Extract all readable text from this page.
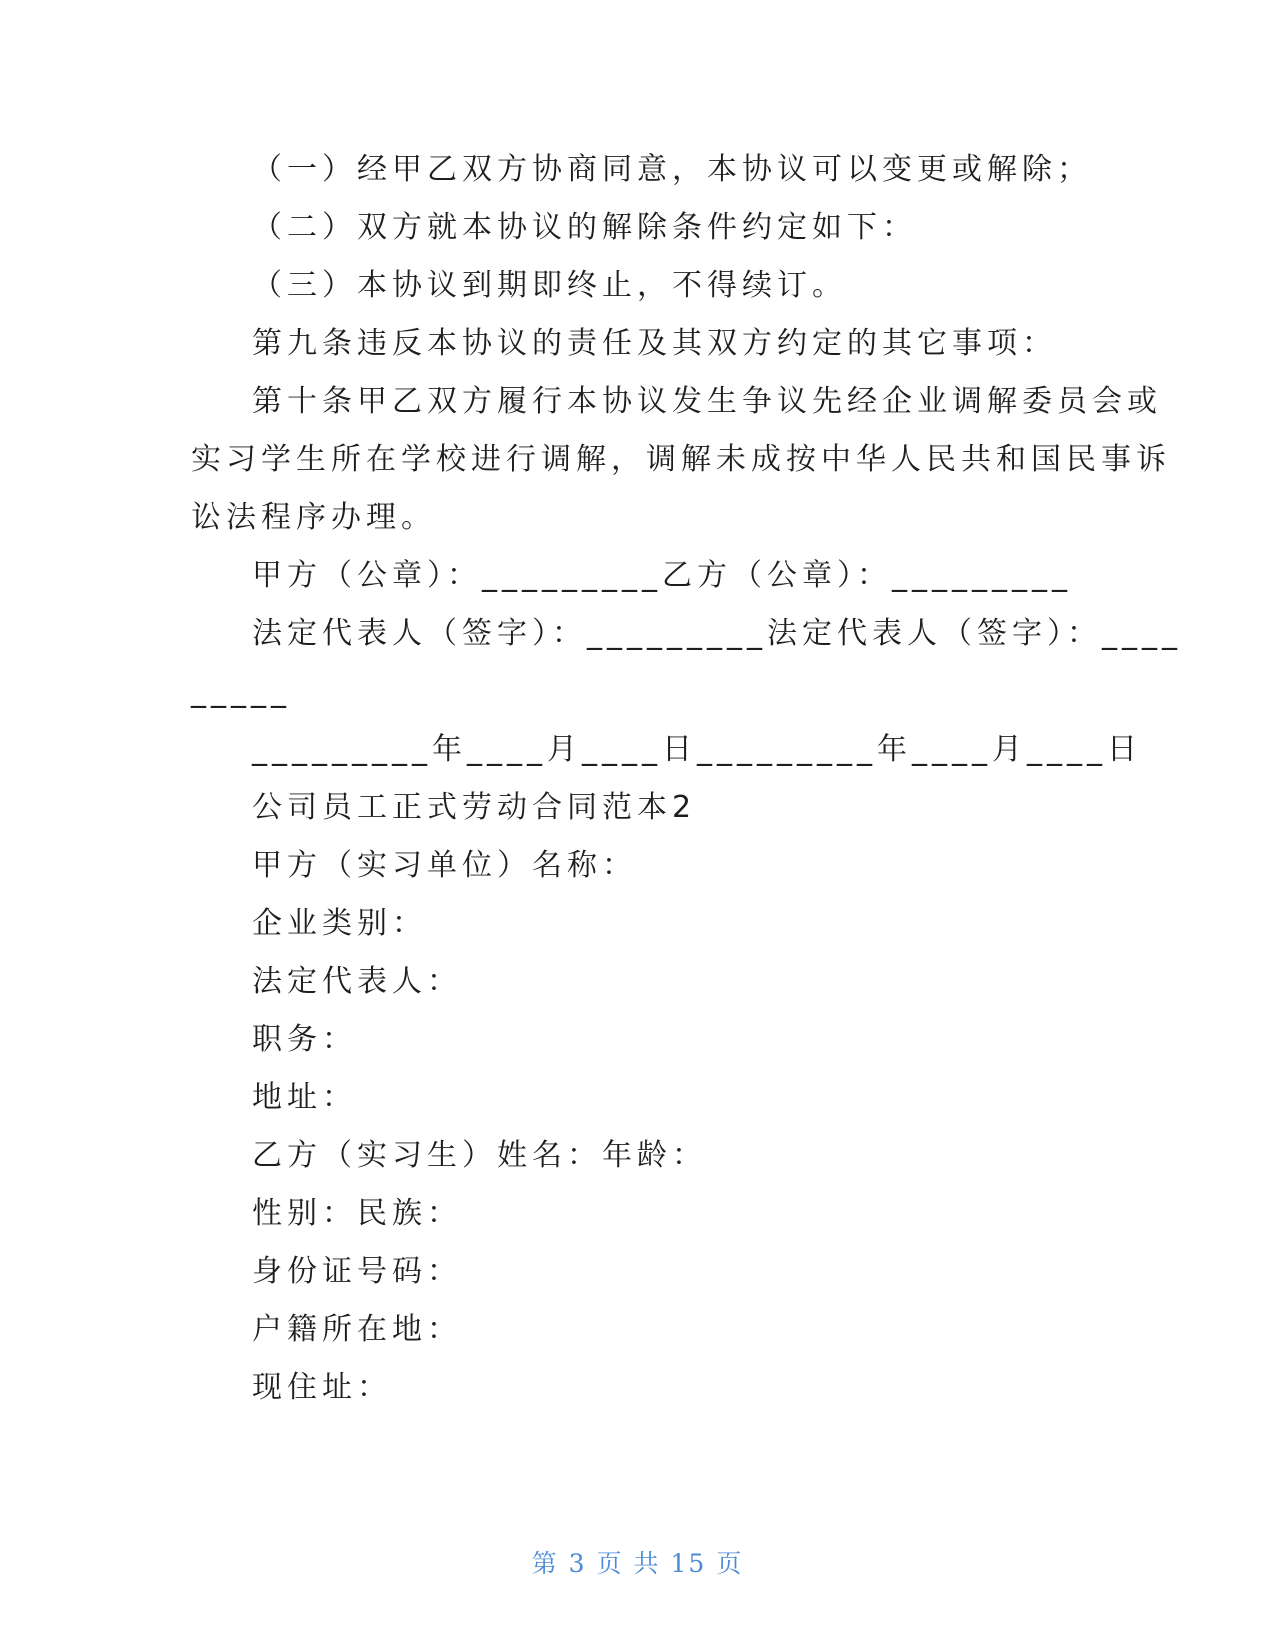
（一）经甲乙双方协商同意，本协议可以变更或解除；
（二）双方就本协议的解除条件约定如下：
（三）本协议到期即终止，不得续订。
第九条违反本协议的责任及其双方约定的其它事项：
第十条甲乙双方履行本协议发生争议先经企业调解委员会或
实习学生所在学校进行调解，调解未成按中华人民共和国民事诉
讼法程序办理。
甲方（公章）：_________乙方（公章）：_________
法定代表人（签字）：_________法定代表人（签字）：____
_____
_________年____月____日_________年____月____日
公司员工正式劳动合同范本2
甲方（实习单位）名称：
企业类别：
法定代表人：
职务：
地址：
乙方（实习生）姓名：年龄：
性别：民族：
身份证号码：
户籍所在地：
现住址：
第 3 页 共 15 页
